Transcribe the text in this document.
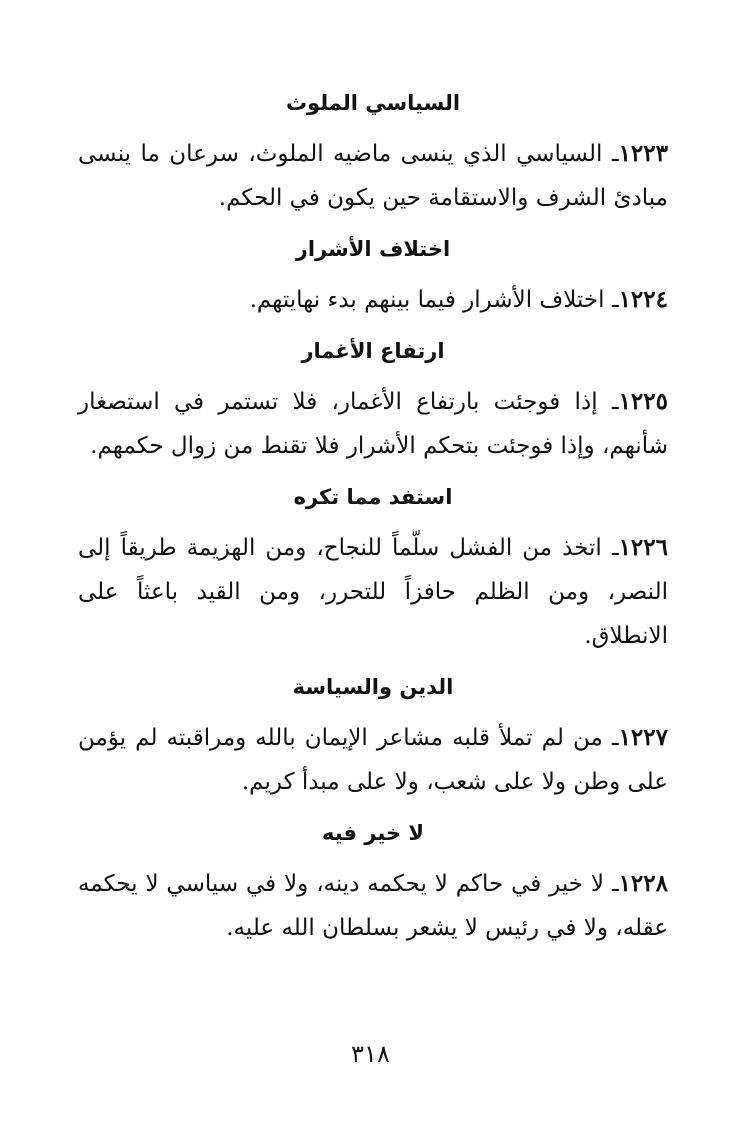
السياسي الملوث

١٢٢٣ـ السياسي الذي ينسى ماضيه الملوث، سرعان ما ينسى مبادئ الشرف والاستقامة حين يكون في الحكم.

اختلاف الأشرار

١٢٢٤ـ اختلاف الأشرار فيما بينهم بدء نهايتهم.

ارتفاع الأغمار

١٢٢٥ـ إذا فوجئت بارتفاع الأغمار، فلا تستمر في استصغار شأنهم، وإذا فوجئت بتحكم الأشرار فلا تقنط من زوال حكمهم.

استفد مما تكره

١٢٢٦ـ اتخذ من الفشل سلّماً للنجاح، ومن الهزيمة طريقاً إلى النصر، ومن الظلم حافزاً للتحرر، ومن القيد باعثاً على الانطلاق.

الدين والسياسة

١٢٢٧ـ من لم تملأ قلبه مشاعر الإيمان بالله ومراقبته لم يؤمن على وطن ولا على شعب، ولا على مبدأ كريم.

لا خير فيه

١٢٢٨ـ لا خير في حاكم لا يحكمه دينه، ولا في سياسي لا يحكمه عقله، ولا في رئيس لا يشعر بسلطان الله عليه.

٣١٨
